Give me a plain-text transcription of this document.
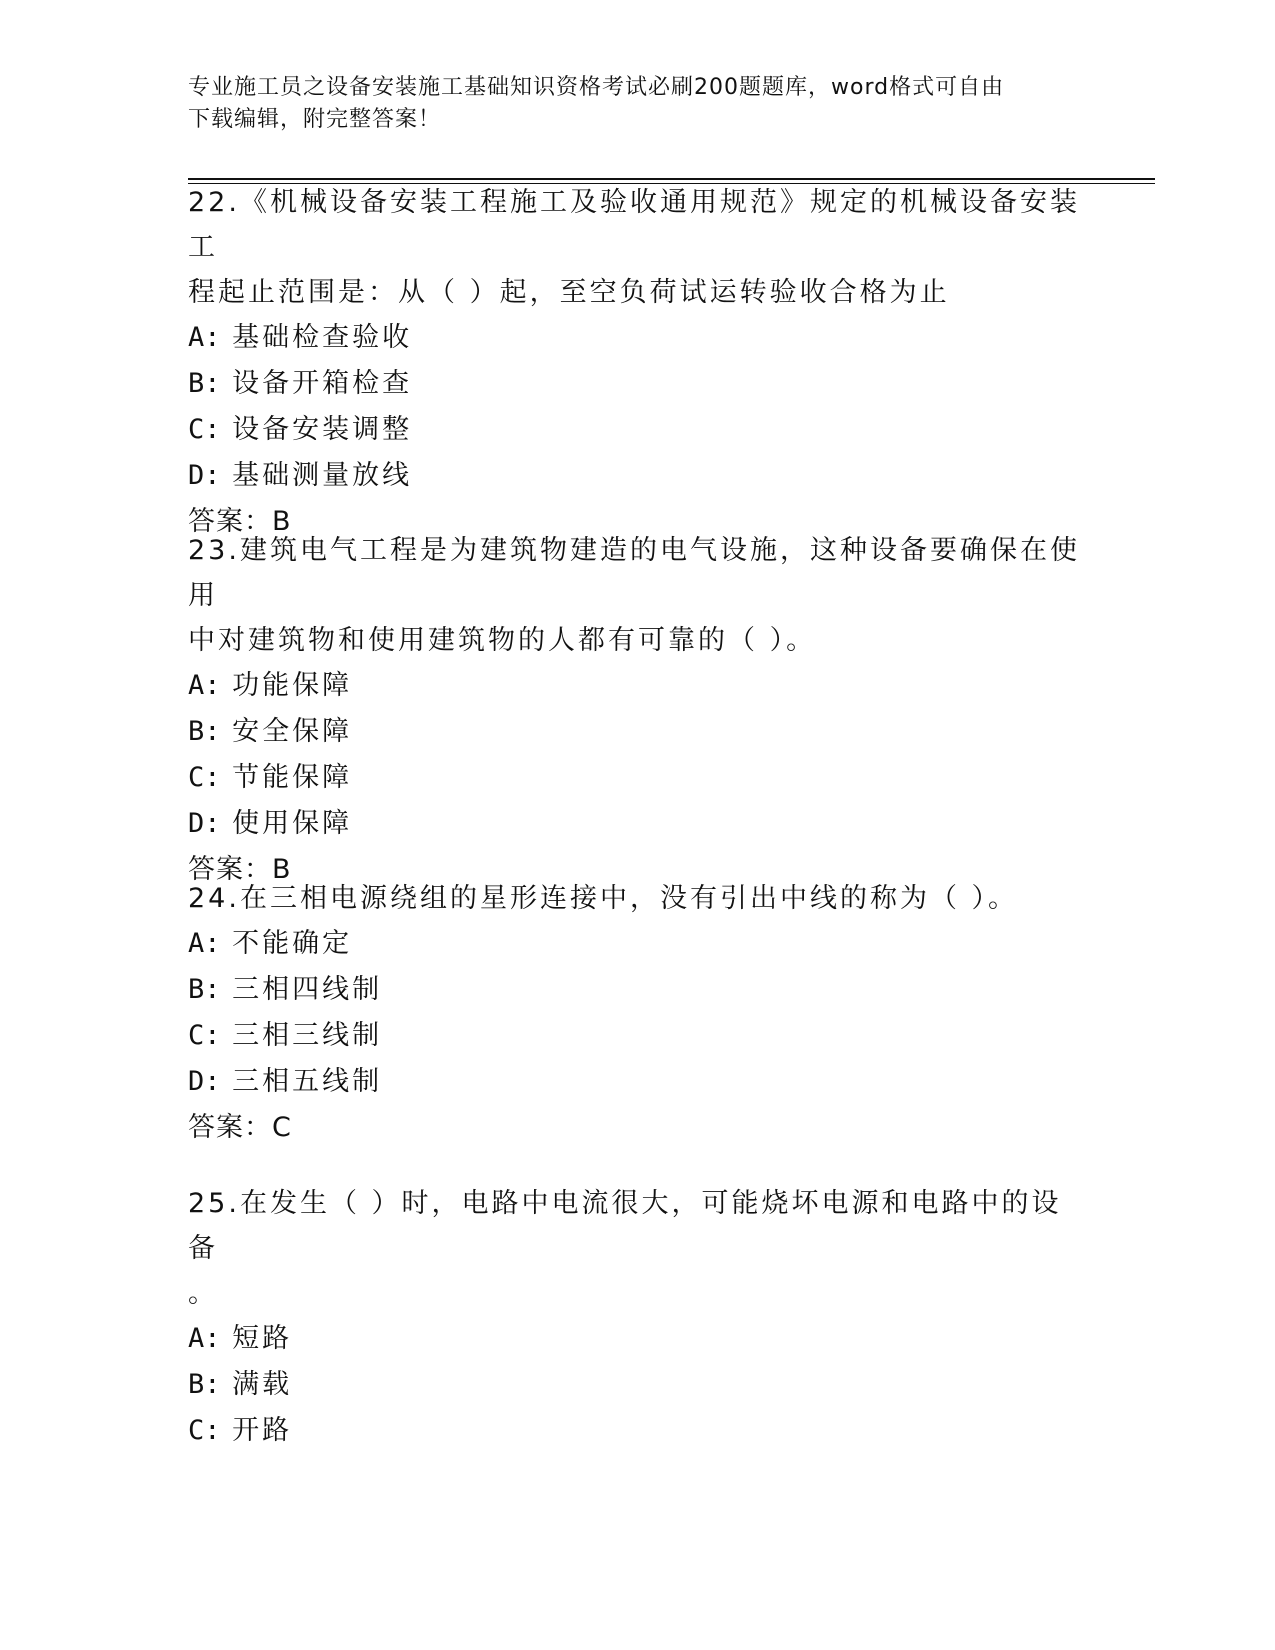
专业施工员之设备安装施工基础知识资格考试必刷200题题库，word格式可自由
下载编辑，附完整答案！

22.《机械设备安装工程施工及验收通用规范》规定的机械设备安装工

程起止范围是：从（ ）起，至空负荷试运转验收合格为止

A: 基础检查验收

B: 设备开箱检查

C: 设备安装调整

D: 基础测量放线

答案：B

23.建筑电气工程是为建筑物建造的电气设施，这种设备要确保在使用

中对建筑物和使用建筑物的人都有可靠的（ ）。

A: 功能保障

B: 安全保障

C: 节能保障

D: 使用保障

答案：B

24.在三相电源绕组的星形连接中，没有引出中线的称为（ ）。

A: 不能确定

B: 三相四线制

C: 三相三线制

D: 三相五线制

答案：C

25.在发生（ ）时，电路中电流很大，可能烧坏电源和电路中的设备

。

A: 短路

B: 满载

C: 开路
